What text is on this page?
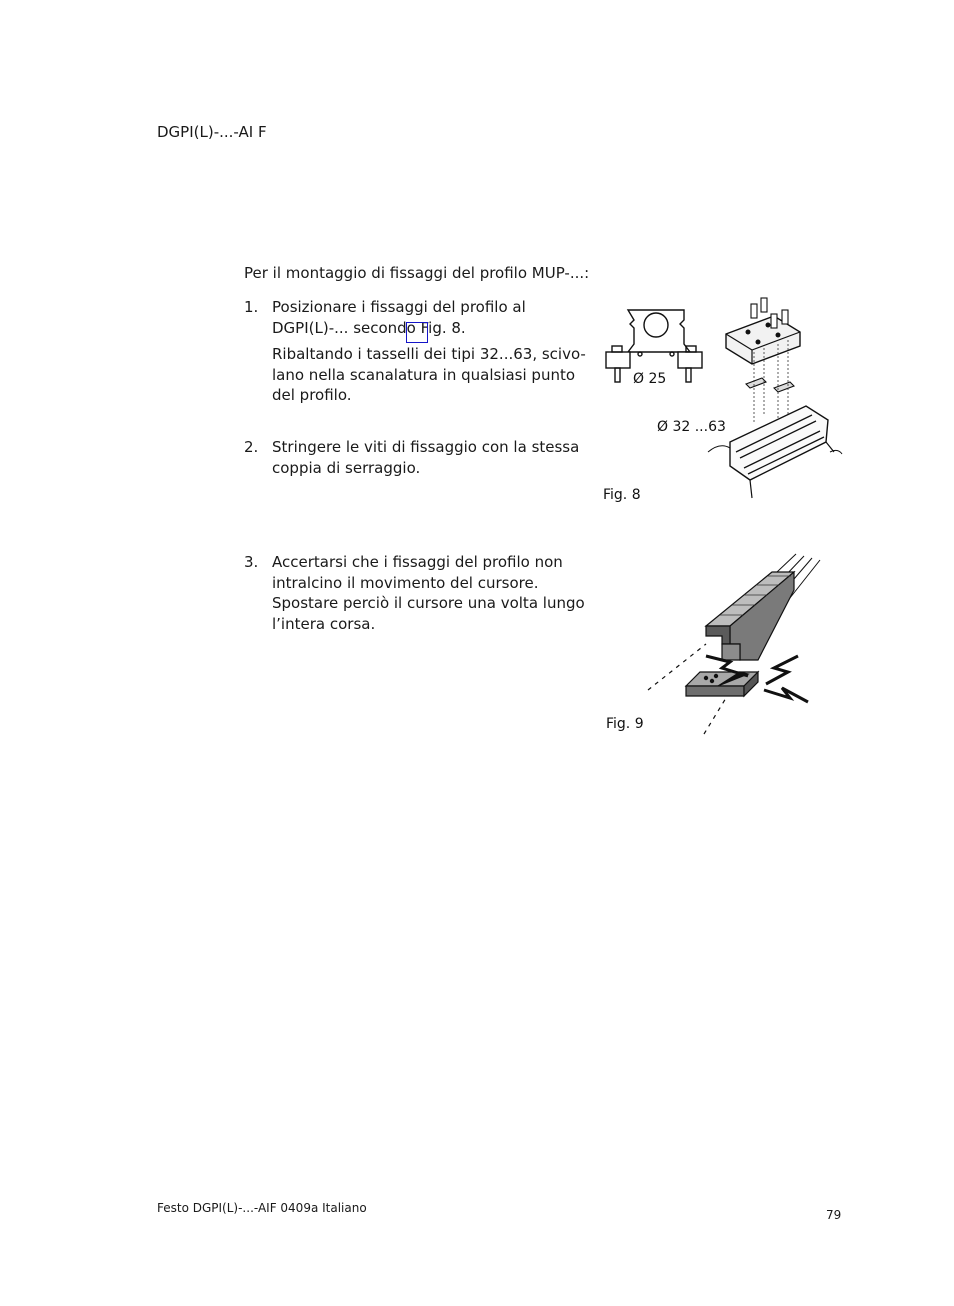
DGPI(L)-...-AI F
Per il montaggio di fissaggi del profilo MUP-...:
1. Posizionare i fissaggi del profilo al DGPI(L)-... secondo Fig. 8.

Ribaltando i tasselli dei tipi 32...63, scivo-lano nella scanalatura in qualsiasi punto del profilo.

2. Stringere le viti di fissaggio con la stessa coppia di serraggio.

3. Accertarsi che i fissaggi del profilo non intralcino il movimento del cursore. Spostare perciò il cursore una volta lungo l’intera corsa.

Ø 25
Ø 32 ...63
Fig. 8
Fig. 9
Festo DGPI(L)-...-AIF 0409a Italiano	79
